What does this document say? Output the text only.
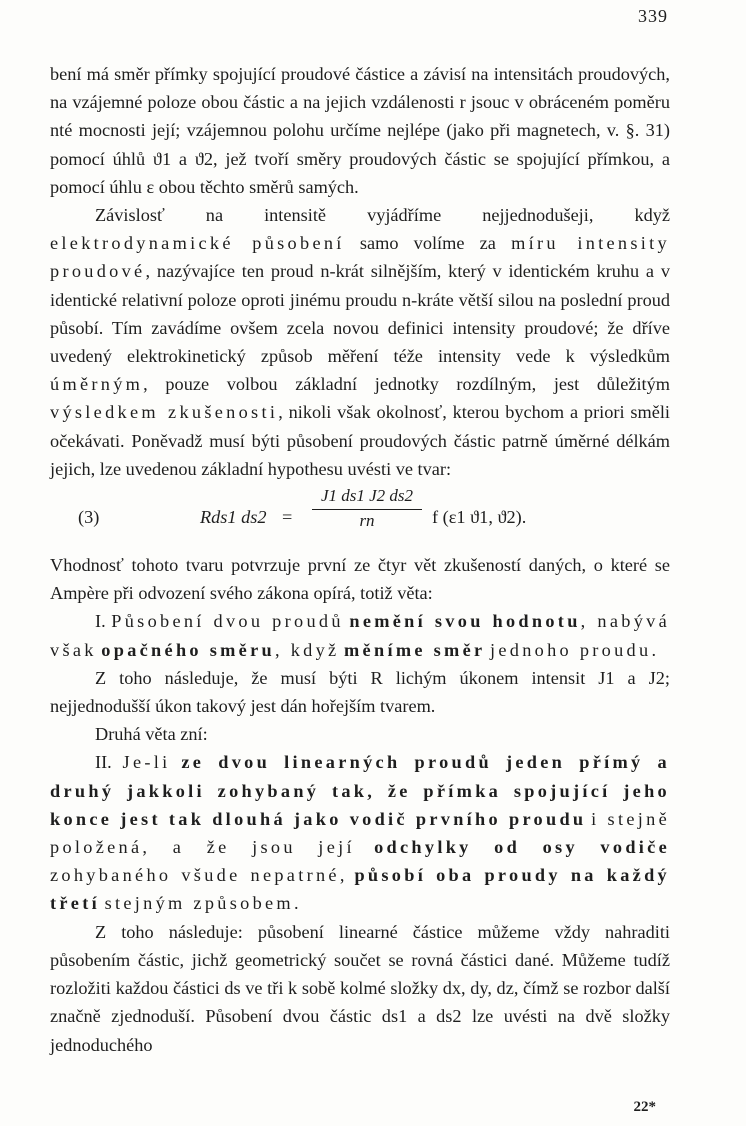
339

bení má směr přímky spojující proudové částice a závisí na intensitách proudových, na vzájemné poloze obou částic a na jejich vzdálenosti r jsouc v obráceném poměru nté mocnosti její; vzájemnou polohu určíme nejlépe (jako při magnetech, v. §. 31) pomocí úhlů ϑ1 a ϑ2, jež tvoří směry proudových částic se spojující přímkou, a pomocí úhlu ε obou těchto směrů samých.

Závislosť na intensitě vyjádříme nejjednodušeji, když elektrodynamické působení samo volíme za míru intensity proudové, nazývajíce ten proud n-krát silnějším, který v identickém kruhu a v identické relativní poloze oproti jinému proudu n-kráte větší silou na poslední proud působí. Tím zavádíme ovšem zcela novou definici intensity proudové; že dříve uvedený elektrokinetický způsob měření téže intensity vede k výsledkům úměrným, pouze volbou základní jednotky rozdílným, jest důležitým výsledkem zkušenosti, nikoli však okolnosť, kterou bychom a priori směli očekávati. Poněvadž musí býti působení proudových částic patrně úměrné délkám jejich, lze uvedenou základní hypothesu uvésti ve tvar:

(3)	Rds1 $ds2 = \frac{J1 ds1 J2 ds2}{rn}$ f (ε1 ϑ1, ϑ2).

Vhodnosť tohoto tvaru potvrzuje první ze čtyr vět zkušeností daných, o které se Ampère při odvození svého zákona opírá, totiž věta:

I. Působení dvou proudů nemění svou hodnotu, nabývá však opačného směru, když měníme směr jednoho proudu.

Z toho následuje, že musí býti R lichým úkonem intensit J1 a J2; nejjednodušší úkon takový jest dán hořejším tvarem.

Druhá věta zní:

II. Je-li ze dvou linearných proudů jeden přímý a druhý jakkoli zohybaný tak, že přímka spojující jeho konce jest tak dlouhá jako vodič prvního proudu i stejně položená, a že jsou její odchylky od osy vodiče zohybaného všude nepatrné, působí oba proudy na každý třetí stejným způsobem.

Z toho následuje: působení linearné částice můžeme vždy nahraditi působením částic, jichž geometrický součet se rovná částici dané. Můžeme tudíž rozložiti každou částici ds ve tři k sobě kolmé složky dx, dy, dz, čímž se rozbor další značně zjednoduší. Působení dvou částic ds1 a ds2 lze uvésti na dvě složky jednoduchého

22*
